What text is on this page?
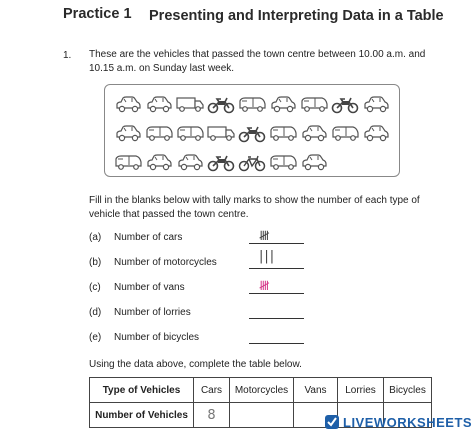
Practice 1 Presenting and Interpreting Data in a Table
1. These are the vehicles that passed the town centre between 10.00 a.m. and 10.15 a.m. on Sunday last week.
Fill in the blanks below with tally marks to show the number of each type of vehicle that passed the town centre.
(a) Number of cars	𝍸 |||
(b) Number of motorcycles
(c) Number of vans	𝍸
(d) Number of lorries
(e) Number of bicycles
Using the data above, complete the table below.
Type of Vehicles	Cars	Motorcycles	Vans	Lorries	Bicycles
Number of Vehicles	8					LIVEWORKSHEETS
